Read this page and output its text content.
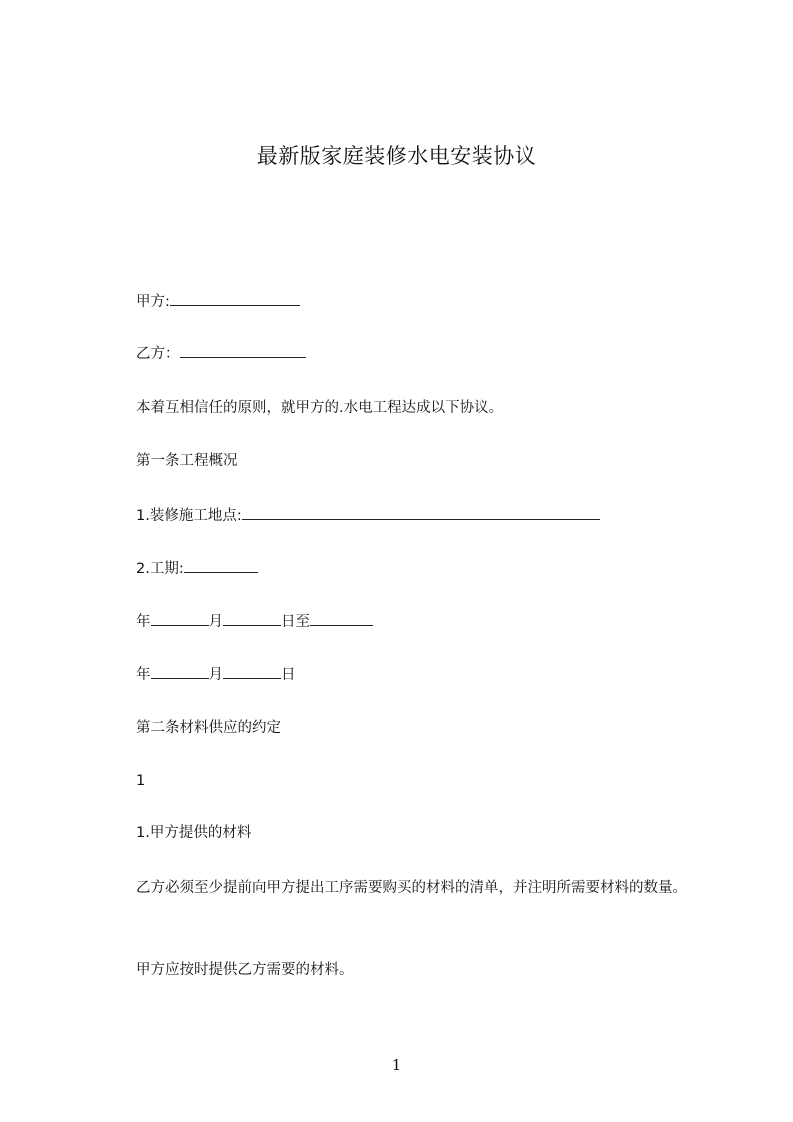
最新版家庭装修水电安装协议
甲方:
乙方：
本着互相信任的原则，就甲方的.水电工程达成以下协议。
第一条工程概况
1.装修施工地点:
2.工期:
年	月	日至
年	月	日
第二条材料供应的约定
1
1.甲方提供的材料
乙方必须至少提前向甲方提出工序需要购买的材料的清单，并注明所需要材料的数量。
甲方应按时提供乙方需要的材料。
1
